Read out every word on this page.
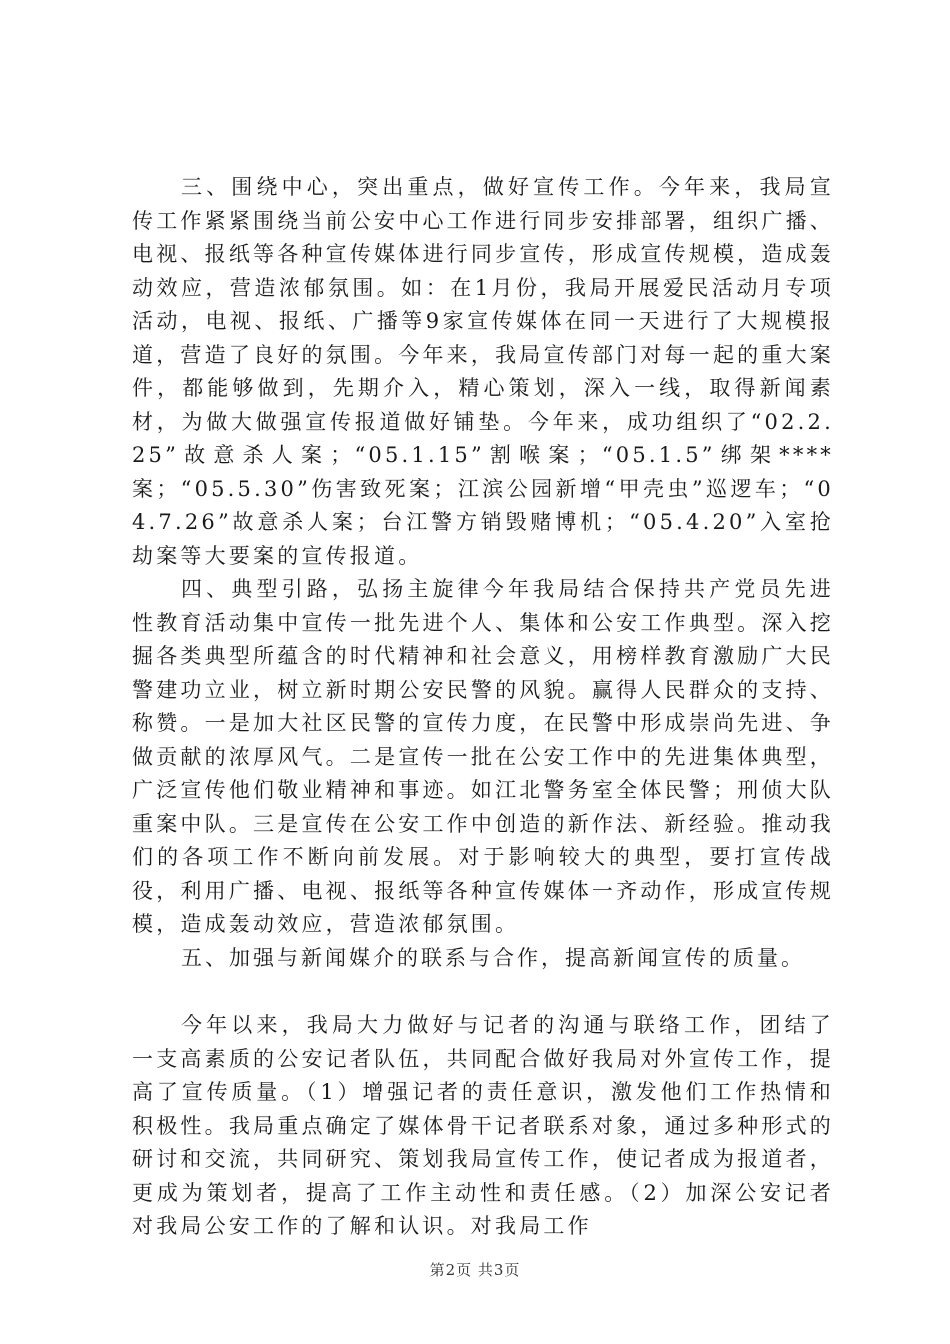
三、围绕中心，突出重点，做好宣传工作。今年来，我局宣传工作紧紧围绕当前公安中心工作进行同步安排部署，组织广播、电视、报纸等各种宣传媒体进行同步宣传，形成宣传规模，造成轰动效应，营造浓郁氛围。如：在1月份，我局开展爱民活动月专项活动，电视、报纸、广播等9家宣传媒体在同一天进行了大规模报道，营造了良好的氛围。今年来，我局宣传部门对每一起的重大案件，都能够做到，先期介入，精心策划，深入一线，取得新闻素材，为做大做强宣传报道做好铺垫。今年来，成功组织了“02.2.25”故意杀人案；“05.1.15”割喉案；“05.1.5”绑架****案；“05.5.30”伤害致死案；江滨公园新增“甲壳虫”巡逻车；“04.7.26”故意杀人案；台江警方销毁赌博机；“05.4.20”入室抢劫案等大要案的宣传报道。

四、典型引路，弘扬主旋律今年我局结合保持共产党员先进性教育活动集中宣传一批先进个人、集体和公安工作典型。深入挖掘各类典型所蕴含的时代精神和社会意义，用榜样教育激励广大民警建功立业，树立新时期公安民警的风貌。赢得人民群众的支持、称赞。一是加大社区民警的宣传力度，在民警中形成崇尚先进、争做贡献的浓厚风气。二是宣传一批在公安工作中的先进集体典型，广泛宣传他们敬业精神和事迹。如江北警务室全体民警；刑侦大队重案中队。三是宣传在公安工作中创造的新作法、新经验。推动我们的各项工作不断向前发展。对于影响较大的典型，要打宣传战役，利用广播、电视、报纸等各种宣传媒体一齐动作，形成宣传规模，造成轰动效应，营造浓郁氛围。

五、加强与新闻媒介的联系与合作，提高新闻宣传的质量。

今年以来，我局大力做好与记者的沟通与联络工作，团结了一支高素质的公安记者队伍，共同配合做好我局对外宣传工作，提高了宣传质量。（1）增强记者的责任意识，激发他们工作热情和积极性。我局重点确定了媒体骨干记者联系对象，通过多种形式的研讨和交流，共同研究、策划我局宣传工作，使记者成为报道者，更成为策划者，提高了工作主动性和责任感。（2）加深公安记者对我局公安工作的了解和认识。对我局工作

第2页 共3页
